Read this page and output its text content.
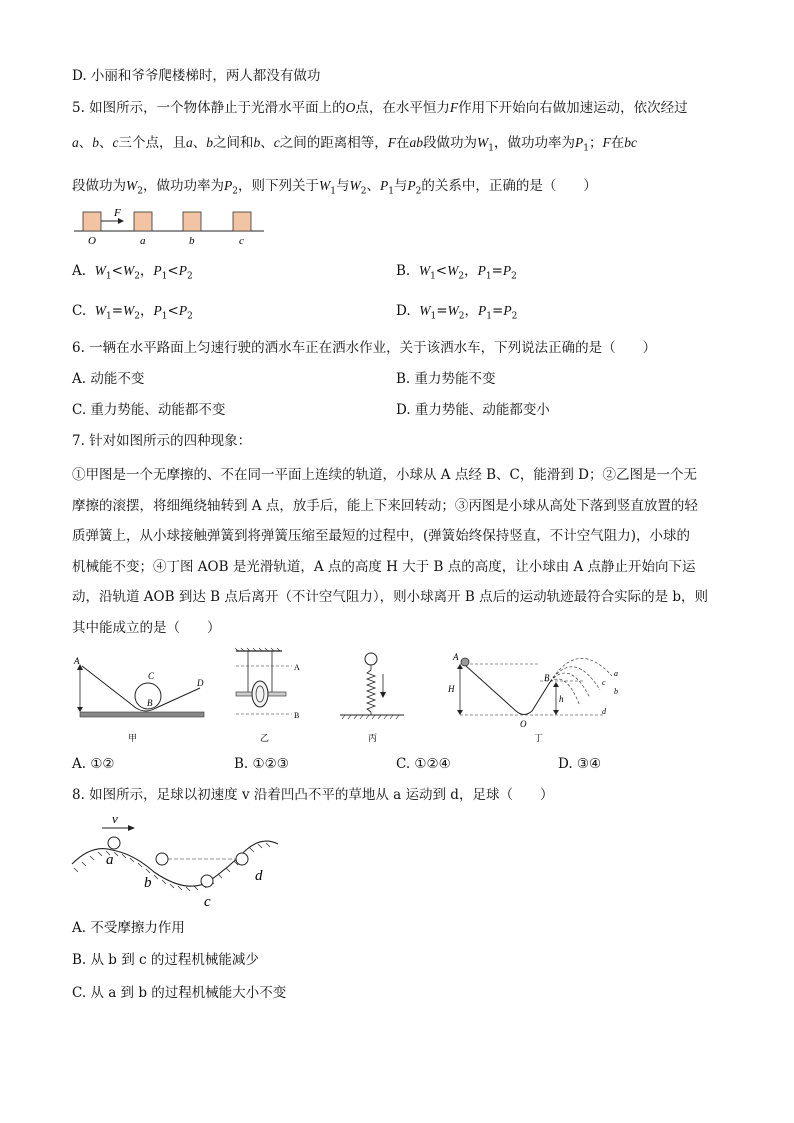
D. 小丽和爷爷爬楼梯时，两人都没有做功
5. 如图所示，一个物体静止于光滑水平面上的O点，在水平恒力F作用下开始向右做加速运动，依次经过
a、b、c三个点，且a、b之间和b、c之间的距离相等，F在ab段做功为$W_1$，做功功率为$P_1$；F在bc
段做功为$W_2$，做功功率为$P_2$，则下列关于$W_1$与$W_2$、$P_1$与$P_2$的关系中，正确的是（　　）
F
O	a	b	c
A. $W_1<W_2$，$P_1<P_2$	B. $W_1<W_2$，$P_1=P_2$
C. $W_1=W_2$，$P_1<P_2$	D. $W_1=W_2$，$P_1=P_2$
6. 一辆在水平路面上匀速行驶的洒水车正在洒水作业，关于该洒水车，下列说法正确的是（　　）
A. 动能不变	B. 重力势能不变
C. 重力势能、动能都不变	D. 重力势能、动能都变小
7. 针对如图所示的四种现象：
①甲图是一个无摩擦的、不在同一平面上连续的轨道，小球从 A 点经 B、C，能滑到 D；②乙图是一个无
摩擦的滚摆，将细绳绕轴转到 A 点，放手后，能上下来回转动；③丙图是小球从高处下落到竖直放置的轻
质弹簧上，从小球接触弹簧到将弹簧压缩至最短的过程中，(弹簧始终保持竖直，不计空气阻力)，小球的
机械能不变；④丁图 AOB 是光滑轨道，A 点的高度 H 大于 B 点的高度，让小球由 A 点静止开始向下运
动，沿轨道 AOB 到达 B 点后离开（不计空气阻力），则小球离开 B 点后的运动轨迹最符合实际的是 b，则
其中能成立的是（　　）
A
B
C
D
甲
A
B
乙	丙
A
B
H
h
O
a
b
c
d
丁
A. ①②	B. ①②③	C. ①②④	D. ③④
8. 如图所示，足球以初速度 v 沿着凹凸不平的草地从 a 运动到 d，足球（　　）
v
a
b
c
d
A. 不受摩擦力作用
B. 从 b 到 c 的过程机械能减少
C. 从 a 到 b 的过程机械能大小不变
